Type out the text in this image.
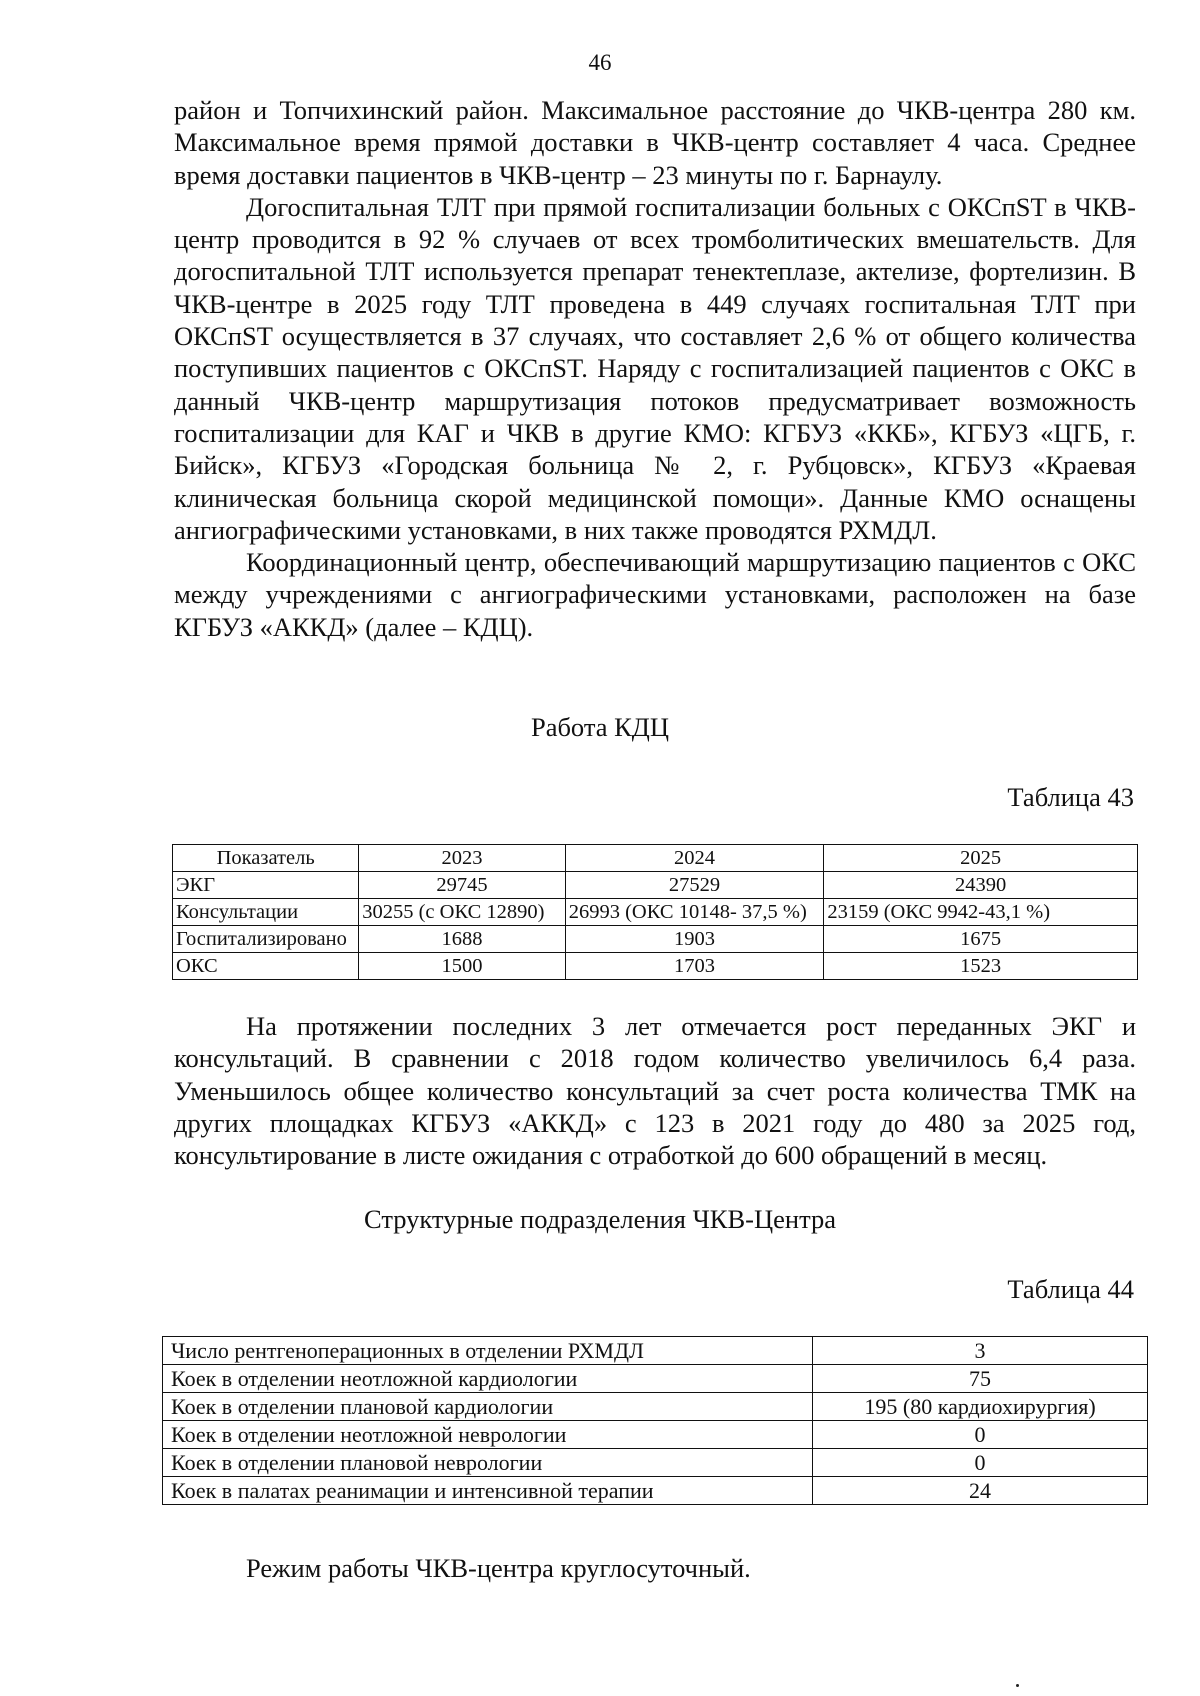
46

район и Топчихинский район. Максимальное расстояние до ЧКВ-центра 280 км. Максимальное время прямой доставки в ЧКВ-центр составляет 4 часа. Среднее время доставки пациентов в ЧКВ-центр – 23 минуты по г. Барнаулу.

Догоспитальная ТЛТ при прямой госпитализации больных с ОКСпST в ЧКВ-центр проводится в 92 % случаев от всех тромболитических вмешательств. Для догоспитальной ТЛТ используется препарат тенектеплазе, актелизе, фортелизин. В ЧКВ-центре в 2025 году ТЛТ проведена в 449 случаях госпитальная ТЛТ при ОКСпST осуществляется в 37 случаях, что составляет 2,6 % от общего количества поступивших пациентов с ОКСпST. Наряду с госпитализацией пациентов с ОКС в данный ЧКВ-центр маршрутизация потоков предусматривает возможность госпитализации для КАГ и ЧКВ в другие КМО: КГБУЗ «ККБ», КГБУЗ «ЦГБ, г. Бийск», КГБУЗ «Городская больница № 2, г. Рубцовск», КГБУЗ «Краевая клиническая больница скорой медицинской помощи». Данные КМО оснащены ангиографическими установками, в них также проводятся РХМДЛ.

Координационный центр, обеспечивающий маршрутизацию пациентов с ОКС между учреждениями с ангиографическими установками, расположен на базе КГБУЗ «АККД» (далее – КДЦ).

Работа КДЦ
Таблица 43
Показатель	2023	2024	2025
ЭКГ	29745	27529	24390
Консультации	30255 (с ОКС 12890)	26993 (ОКС 10148- 37,5 %)	23159 (ОКС 9942-43,1 %)
Госпитализировано	1688	1903	1675
ОКС	1500	1703	1523

На протяжении последних 3 лет отмечается рост переданных ЭКГ и консультаций. В сравнении с 2018 годом количество увеличилось 6,4 раза. Уменьшилось общее количество консультаций за счет роста количества ТМК на других площадках КГБУЗ «АККД» с 123 в 2021 году до 480 за 2025 год, консультирование в листе ожидания с отработкой до 600 обращений в месяц.

Структурные подразделения ЧКВ-Центра
Таблица 44
Число рентгеноперационных в отделении РХМДЛ	3
Коек в отделении неотложной кардиологии	75
Коек в отделении плановой кардиологии	195 (80 кардиохирургия)
Коек в отделении неотложной неврологии	0
Коек в отделении плановой неврологии	0
Коек в палатах реанимации и интенсивной терапии	24

Режим работы ЧКВ-центра круглосуточный.
